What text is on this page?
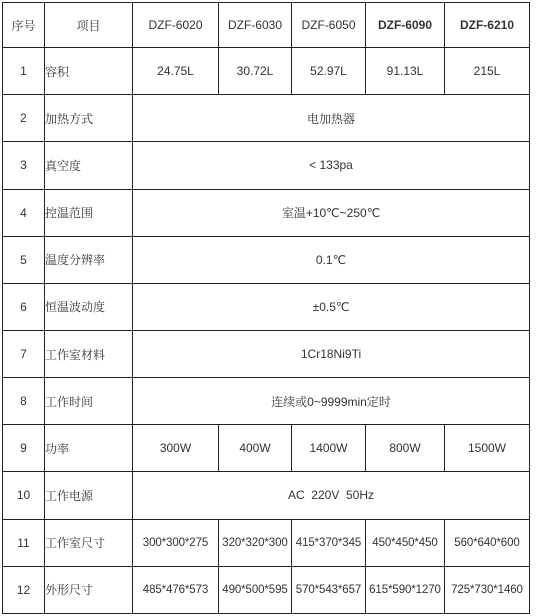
序号	项目	DZF-6020	DZF-6030	DZF-6050	DZF-6090	DZF-6210
1	容积	24.75L	30.72L	52.97L	91.13L	215L
2	加热方式	电加热器				
3	真空度	< 133pa				
4	控温范围	室温+10℃~250℃				
5	温度分辨率	0.1℃				
6	恒温波动度	±0.5℃				
7	工作室材料	1Cr18Ni9Ti				
8	工作时间	连续或0~9999min定时				
9	功率	300W	400W	1400W	800W	1500W
10	工作电源	AC  220V  50Hz				
11	工作室尺寸	300*300*275	320*320*300	415*370*345	450*450*450	560*640*600
12	外形尺寸	485*476*573	490*500*595	570*543*657	615*590*1270	725*730*1460
